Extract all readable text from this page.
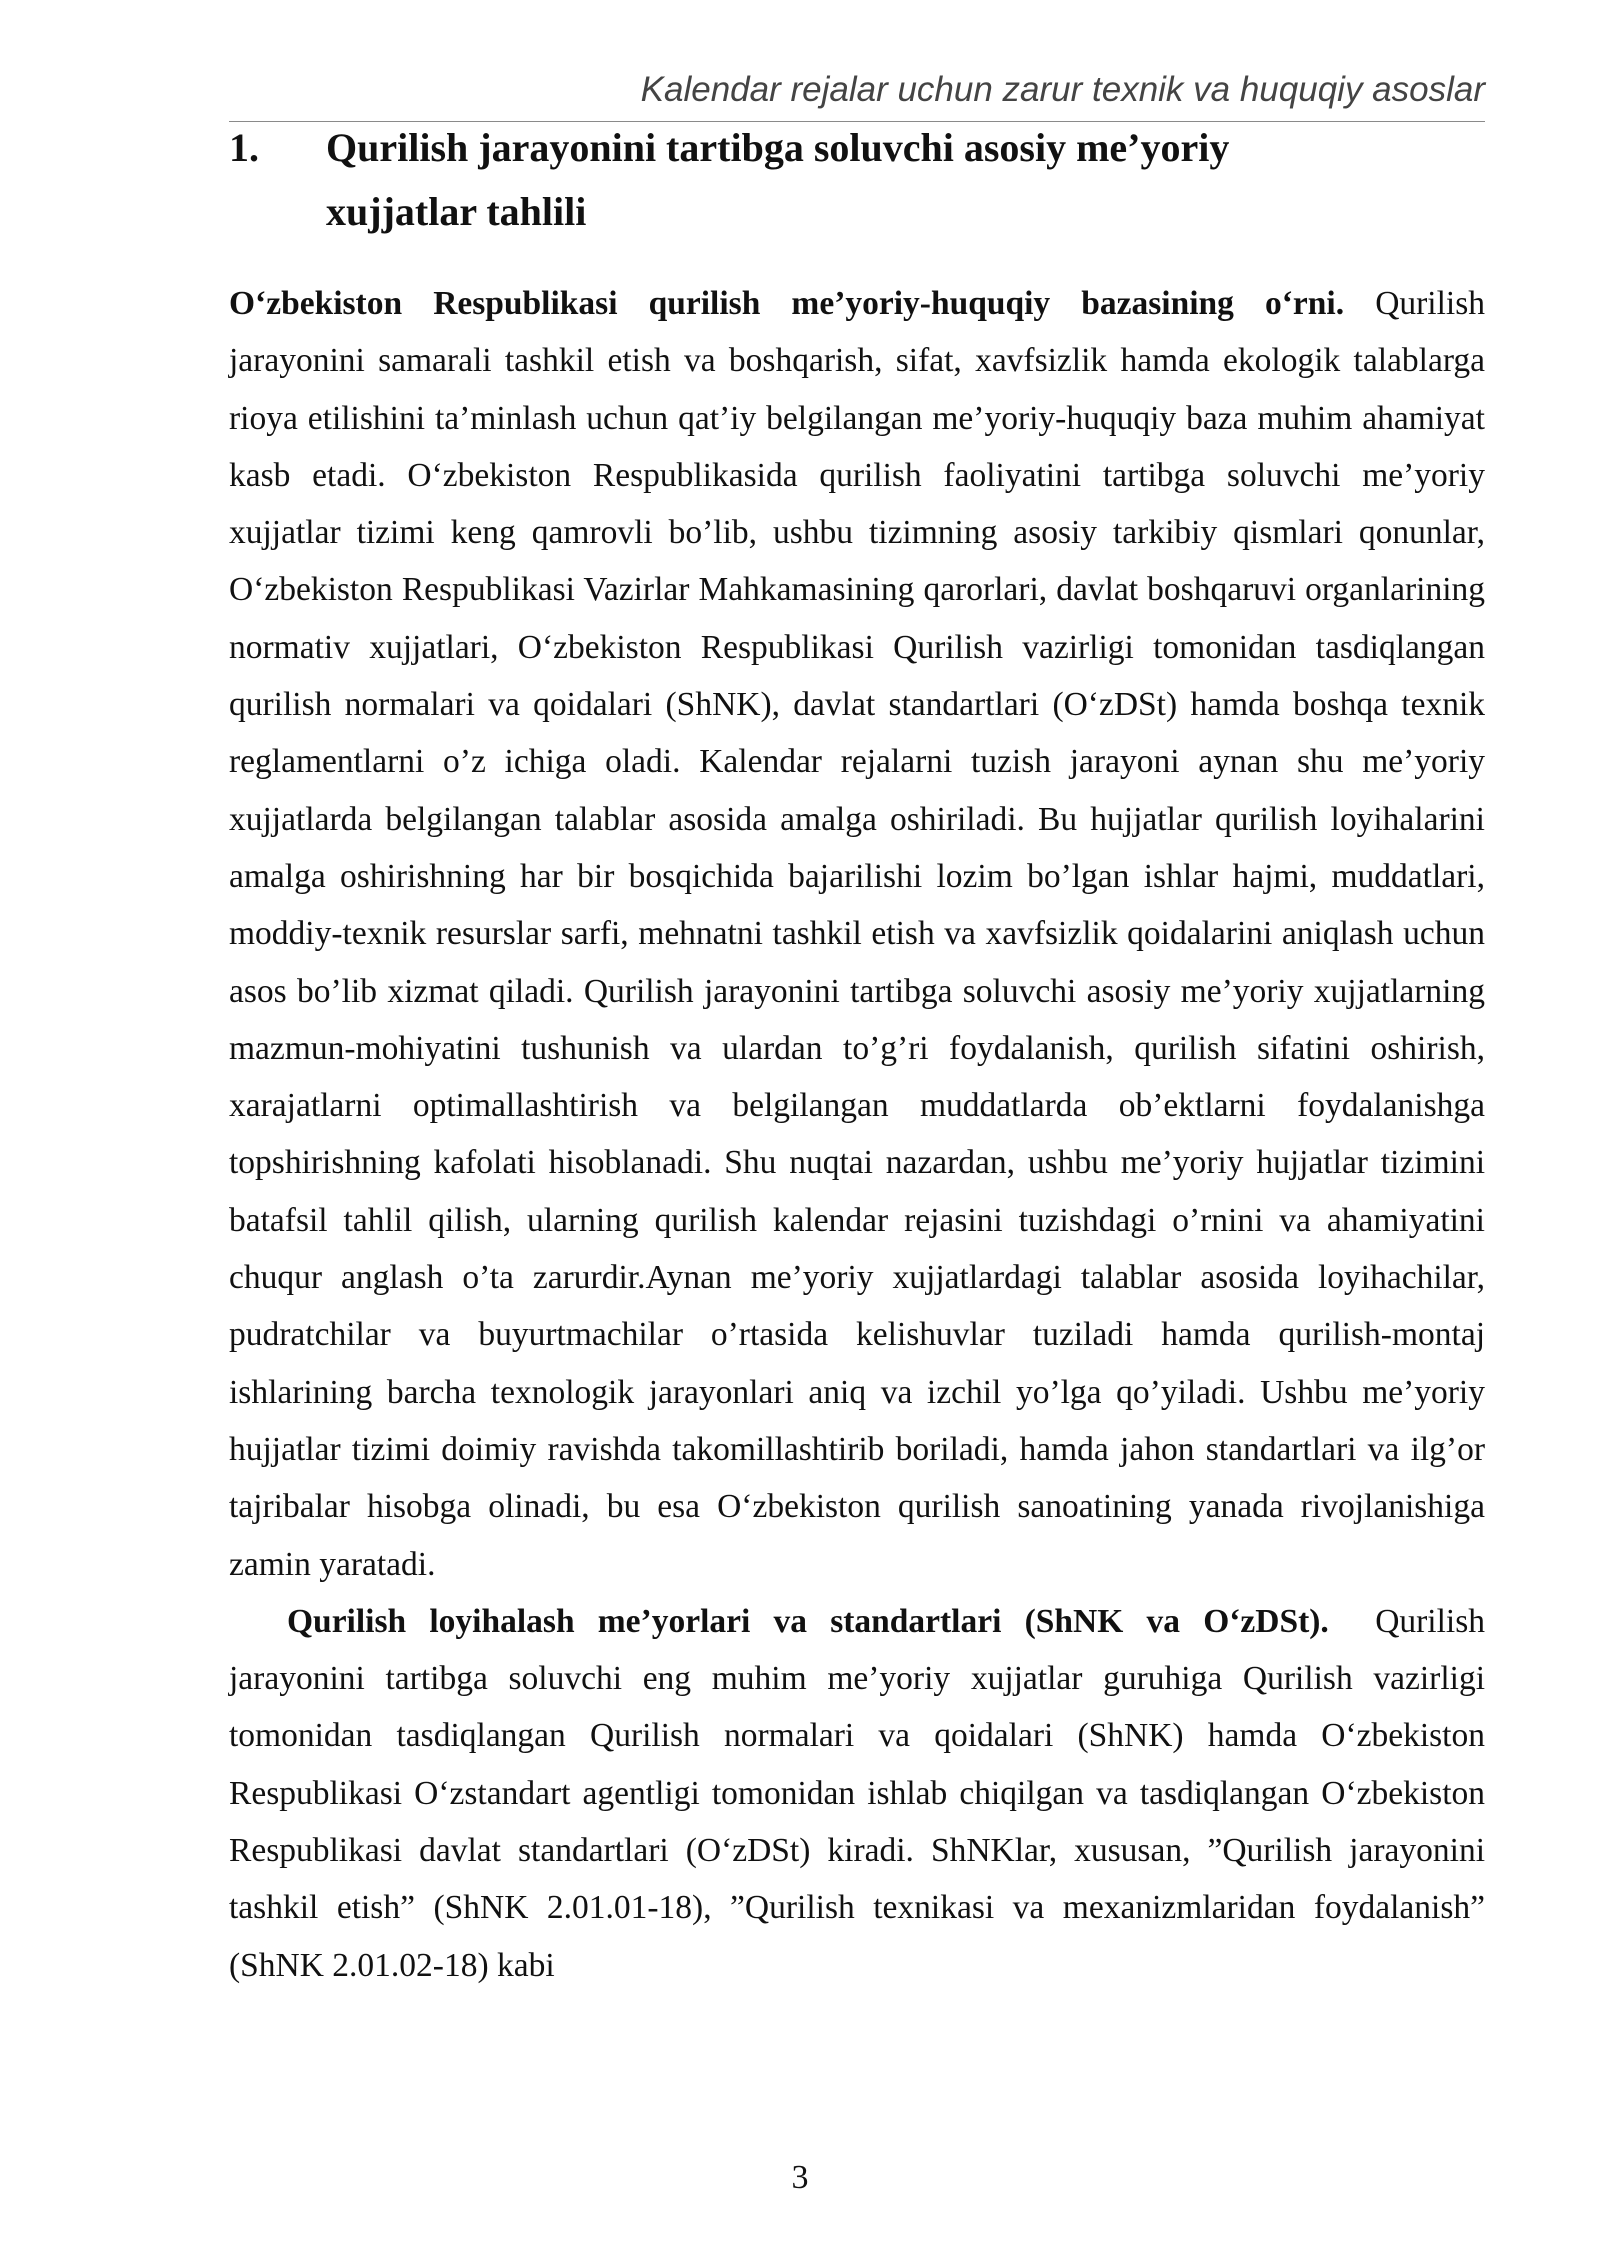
Kalendar rejalar uchun zarur texnik va huquqiy asoslar
1. Qurilish jarayonini tartibga soluvchi asosiy me’yoriy xujjatlar tahlili

O‘zbekiston Respublikasi qurilish me’yoriy-huquqiy bazasining o‘rni. Qurilish jarayonini samarali tashkil etish va boshqarish, sifat, xavfsizlik hamda ekologik talablarga rioya etilishini ta’minlash uchun qat’iy belgilangan me’yoriy-huquqiy baza muhim ahamiyat kasb etadi. O‘zbekiston Respublikasida qurilish faoliyatini tartibga soluvchi me’yoriy xujjatlar tizimi keng qamrovli bo’lib, ushbu tizimning asosiy tarkibiy qismlari qonunlar, O‘zbekiston Respublikasi Vazirlar Mahkamasining qarorlari, davlat boshqaruvi organlarining normativ xujjatlari, O‘zbekiston Respublikasi Qurilish vazirligi tomonidan tasdiqlangan qurilish normalari va qoidalari (ShNK), davlat standartlari (O‘zDSt) hamda boshqa texnik reglamentlarni o’z ichiga oladi. Kalendar rejalarni tuzish jarayoni aynan shu me’yoriy xujjatlarda belgilangan talablar asosida amalga oshiriladi. Bu hujjatlar qurilish loyihalarini amalga oshirishning har bir bosqichida bajarilishi lozim bo’lgan ishlar hajmi, muddatlari, moddiy-texnik resurslar sarfi, mehnatni tashkil etish va xavfsizlik qoidalarini aniqlash uchun asos bo’lib xizmat qiladi. Qurilish jarayonini tartibga soluvchi asosiy me’yoriy xujjatlarning mazmun-mohiyatini tushunish va ulardan to’g’ri foydalanish, qurilish sifatini oshirish, xarajatlarni optimallashtirish va belgilangan muddatlarda ob’ektlarni foydalanishga topshirishning kafolati hisoblanadi. Shu nuqtai nazardan, ushbu me’yoriy hujjatlar tizimini batafsil tahlil qilish, ularning qurilish kalendar rejasini tuzishdagi o’rnini va ahamiyatini chuqur anglash o’ta zarurdir.Aynan me’yoriy xujjatlardagi talablar asosida loyihachilar, pudratchilar va buyurtmachilar o’rtasida kelishuvlar tuziladi hamda qurilish-montaj ishlarining barcha texnologik jarayonlari aniq va izchil yo’lga qo’yiladi. Ushbu me’yoriy hujjatlar tizimi doimiy ravishda takomillashtirib boriladi, hamda jahon standartlari va ilg’or tajribalar hisobga olinadi, bu esa O‘zbekiston qurilish sanoatining yanada rivojlanishiga zamin yaratadi.

Qurilish loyihalash me’yorlari va standartlari (ShNK va O‘zDSt). Qurilish jarayonini tartibga soluvchi eng muhim me’yoriy xujjatlar guruhiga Qurilish vazirligi tomonidan tasdiqlangan Qurilish normalari va qoidalari (ShNK) hamda O‘zbekiston Respublikasi O‘zstandart agentligi tomonidan ishlab chiqilgan va tasdiqlangan O‘zbekiston Respublikasi davlat standartlari (O‘zDSt) kiradi. ShNKlar, xususan, ”Qurilish jarayonini tashkil etish” (ShNK 2.01.01-18), ”Qurilish texnikasi va mexanizmlaridan foydalanish” (ShNK 2.01.02-18) kabi

3
